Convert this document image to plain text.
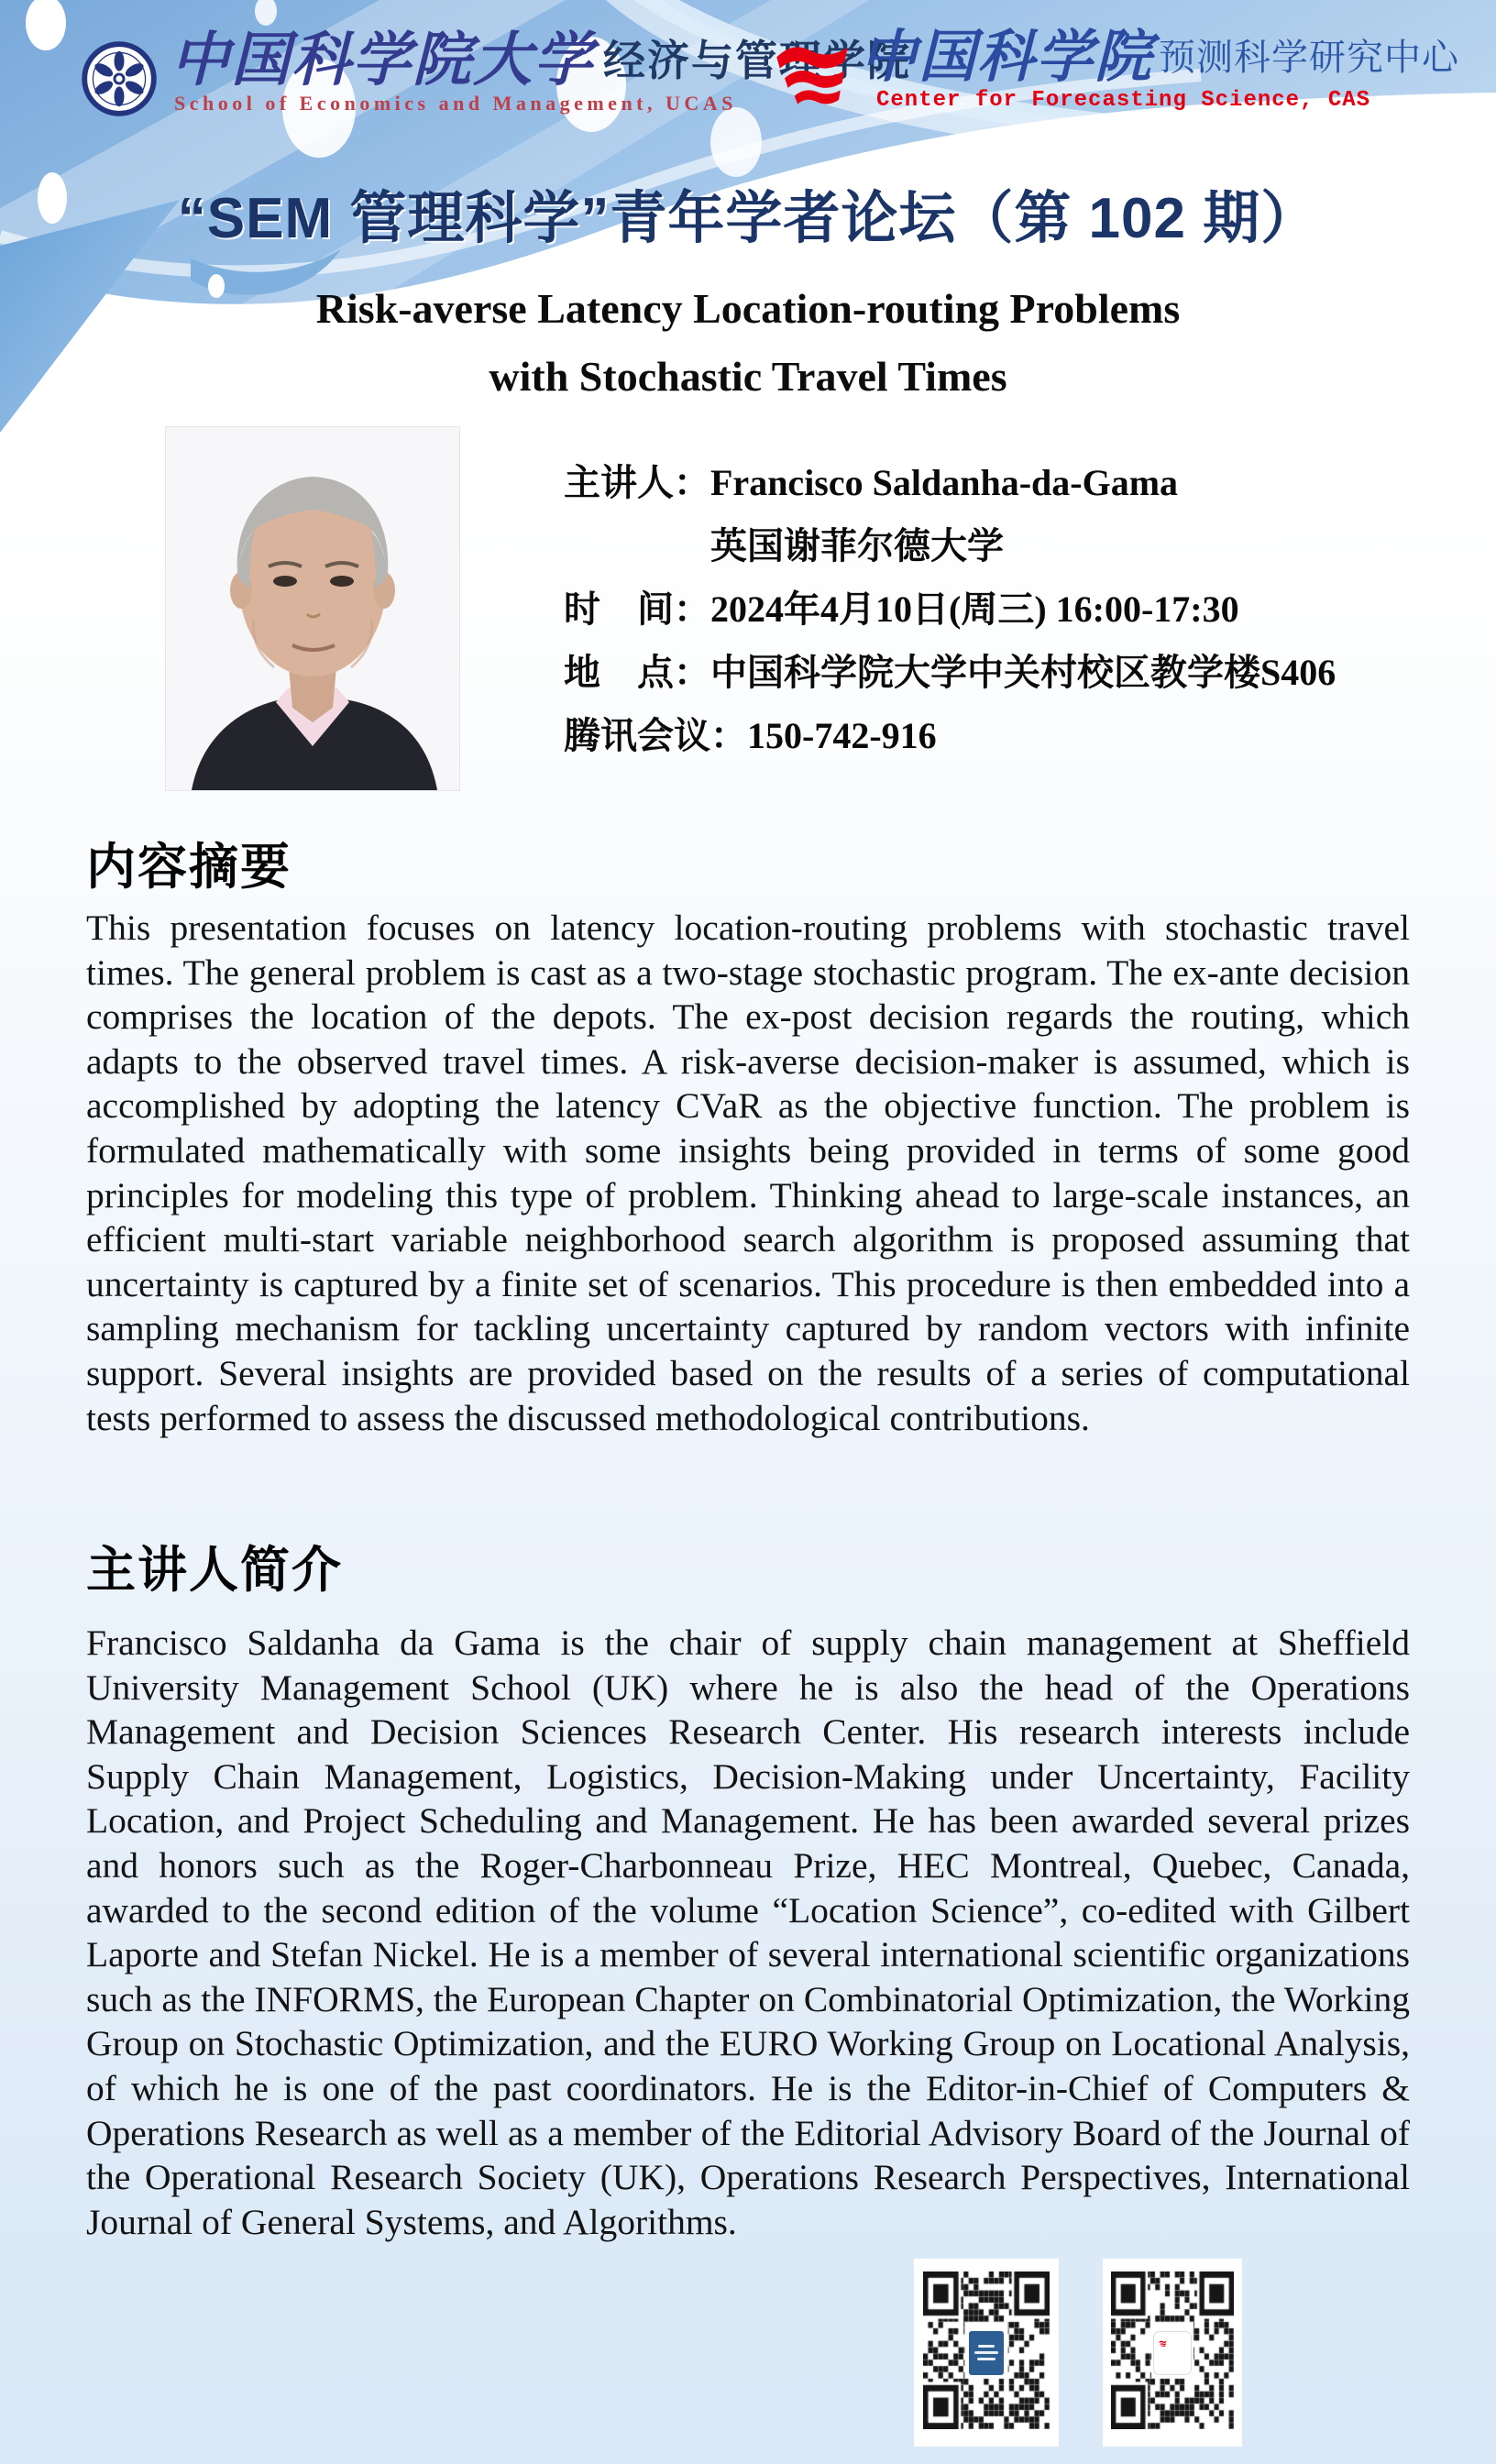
中国科学院大学 经济与管理学院
School of Economics and Management, UCAS
中国科学院 预测科学研究中心
Center for Forecasting Science, CAS
“SEM 管理科学”青年学者论坛（第 102 期）
Risk-averse Latency Location-routing Problems
with Stochastic Travel Times
主讲人： Francisco Saldanha-da-Gama
英国谢菲尔德大学
时　间： 2024年4月10日(周三) 16:00-17:30
地　点： 中国科学院大学中关村校区教学楼S406
腾讯会议： 150-742-916
内容摘要
This presentation focuses on latency location-routing problems with stochastic travel times. The general problem is cast as a two-stage stochastic program. The ex-ante decision comprises the location of the depots. The ex-post decision regards the routing, which adapts to the observed travel times. A risk-averse decision-maker is assumed, which is accomplished by adopting the latency CVaR as the objective function. The problem is formulated mathematically with some insights being provided in terms of some good principles for modeling this type of problem. Thinking ahead to large-scale instances, an efficient multi-start variable neighborhood search algorithm is proposed assuming that uncertainty is captured by a finite set of scenarios. This procedure is then embedded into a sampling mechanism for tackling uncertainty captured by random vectors with infinite support. Several insights are provided based on the results of a series of computational tests performed to assess the discussed methodological contributions.
主讲人简介
Francisco Saldanha da Gama is the chair of supply chain management at Sheffield University Management School (UK) where he is also the head of the Operations Management and Decision Sciences Research Center. His research interests include Supply Chain Management, Logistics, Decision-Making under Uncertainty, Facility Location, and Project Scheduling and Management. He has been awarded several prizes and honors such as the Roger-Charbonneau Prize, HEC Montreal, Quebec, Canada, awarded to the second edition of the volume “Location Science”, co-edited with Gilbert Laporte and Stefan Nickel. He is a member of several international scientific organizations such as the INFORMS, the European Chapter on Combinatorial Optimization, the Working Group on Stochastic Optimization, and the EURO Working Group on Locational Analysis, of which he is one of the past coordinators. He is the Editor-in-Chief of Computers & Operations Research as well as a member of the Editorial Advisory Board of the Journal of the Operational Research Society (UK), Operations Research Perspectives, International Journal of General Systems, and Algorithms.
